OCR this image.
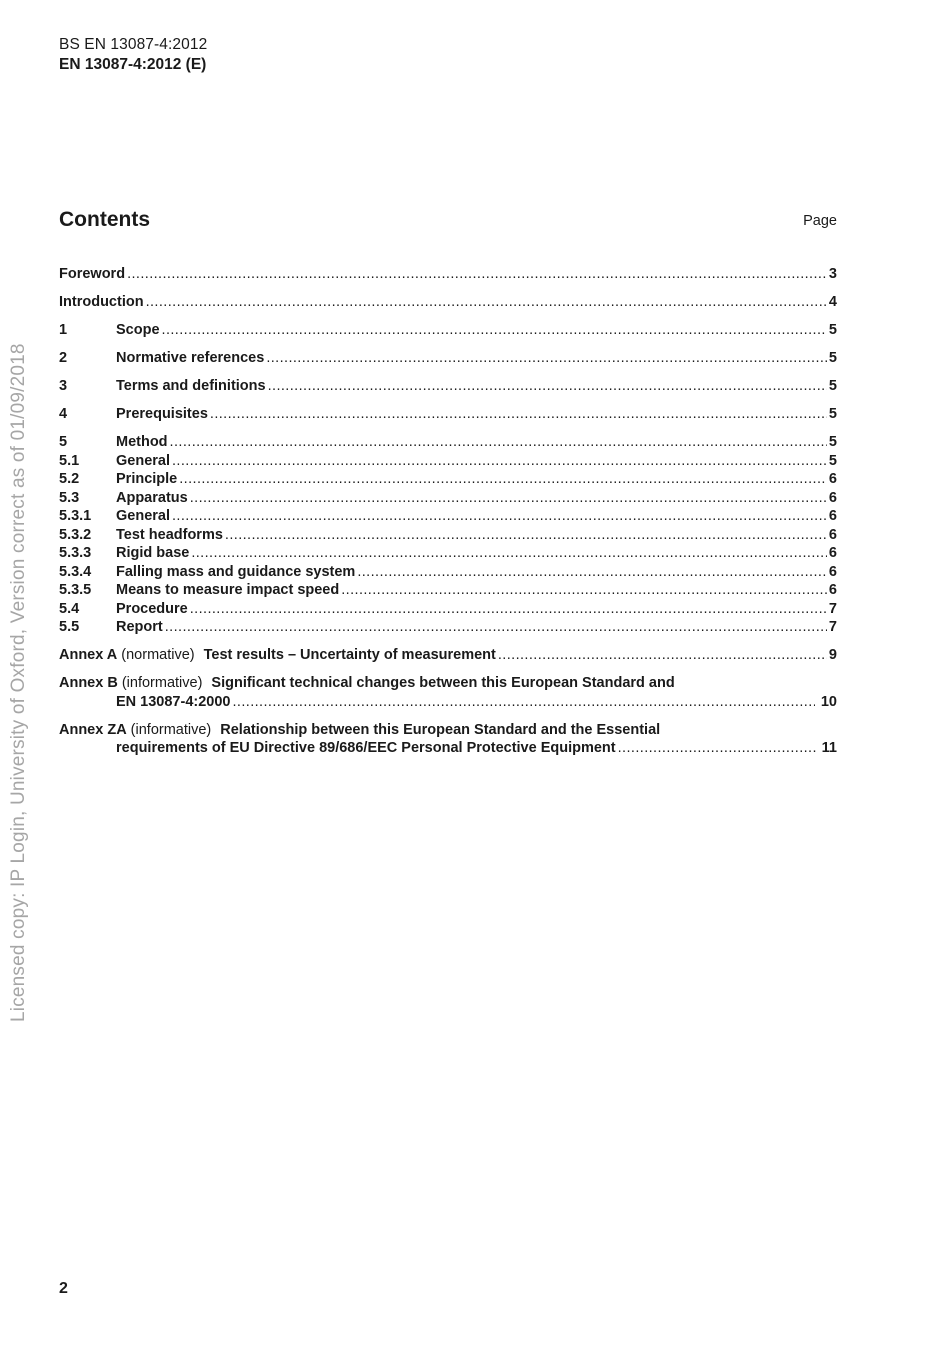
BS EN 13087-4:2012
EN 13087-4:2012 (E)
Contents	Page
Licensed copy: IP Login, University of Oxford, Version correct as of 01/09/2018
Foreword .....	3
Introduction .....	4
1	Scope .....	5
2	Normative references .....	5
3	Terms and definitions .....	5
4	Prerequisites .....	5
5	Method .....	5
5.1	General .....	5
5.2	Principle .....	6
5.3	Apparatus .....	6
5.3.1	General .....	6
5.3.2	Test headforms .....	6
5.3.3	Rigid base .....	6
5.3.4	Falling mass and guidance system .....	6
5.3.5	Means to measure impact speed .....	6
5.4	Procedure .....	7
5.5	Report .....	7
Annex A (normative) Test results – Uncertainty of measurement .....	9
Annex B (informative) Significant technical changes between this European Standard and
EN 13087-4:2000 .....	10
Annex ZA (informative) Relationship between this European Standard and the Essential
requirements of EU Directive 89/686/EEC Personal Protective Equipment .....	11
2
